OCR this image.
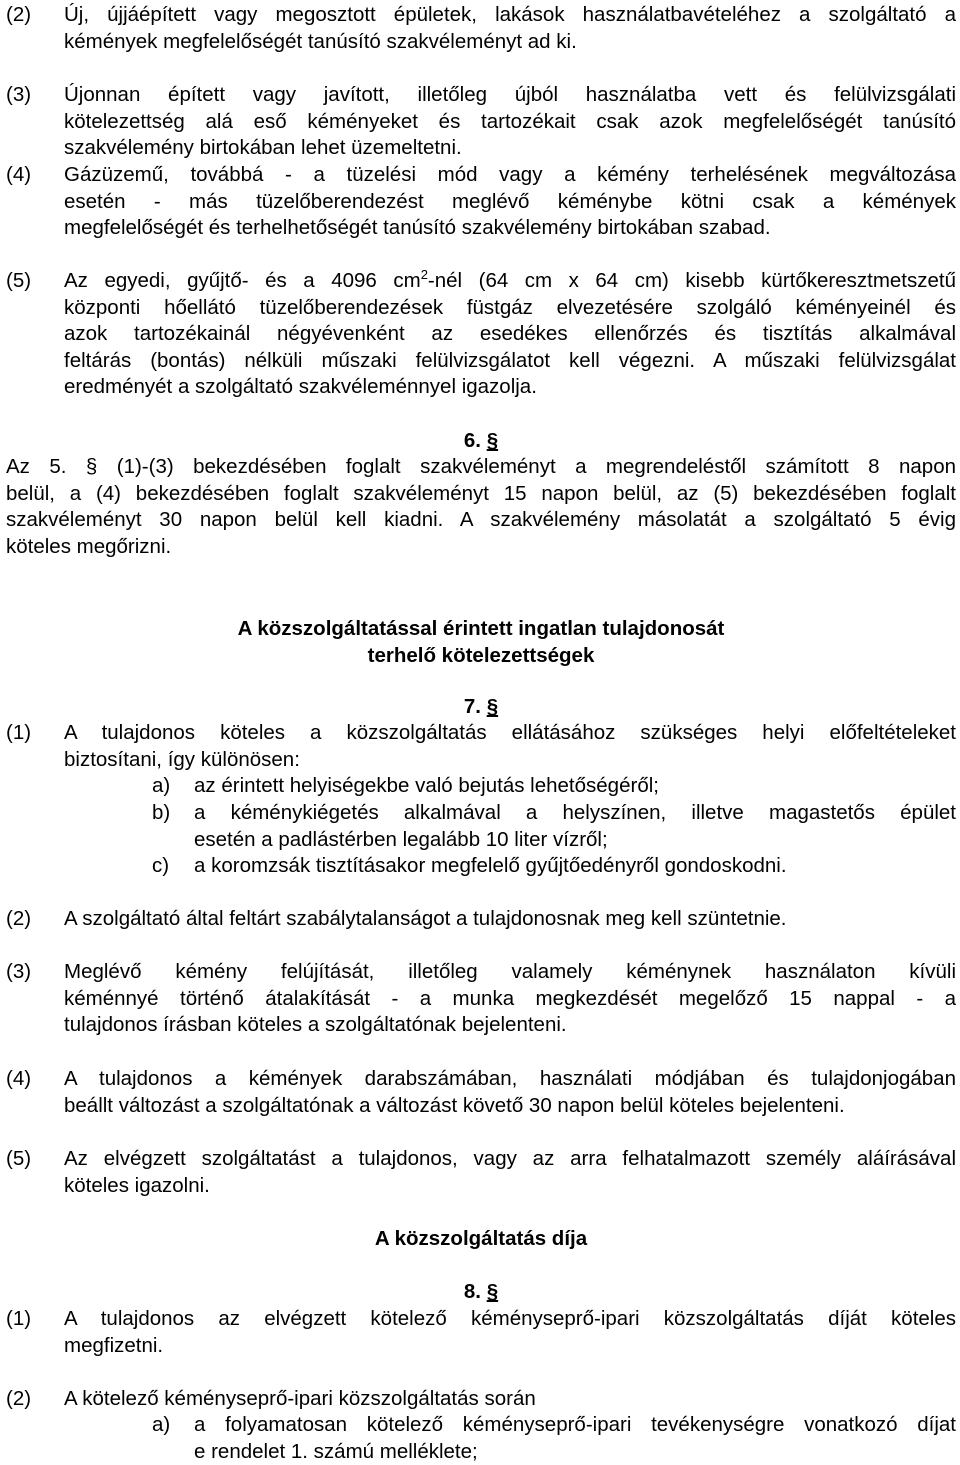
(2) Új, újjáépített vagy megosztott épületek, lakások használatbavételéhez a szolgáltató a
kémények megfelelőségét tanúsító szakvéleményt ad ki.
(3) Újonnan épített vagy javított, illetőleg újból használatba vett és felülvizsgálati
kötelezettség alá eső kéményeket és tartozékait csak azok megfelelőségét tanúsító
szakvélemény birtokában lehet üzemeltetni.
(4) Gázüzemű, továbbá - a tüzelési mód vagy a kémény terhelésének megváltozása
esetén - más tüzelőberendezést meglévő kéménybe kötni csak a kémények
megfelelőségét és terhelhetőségét tanúsító szakvélemény birtokában szabad.
(5) Az egyedi, gyűjtő- és a 4096 $cm^2$-nél (64 cm x 64 cm) kisebb kürtőkeresztmetszetű
központi hőellátó tüzelőberendezések füstgáz elvezetésére szolgáló kéményeinél és
azok tartozékainál négyévenként az esedékes ellenőrzés és tisztítás alkalmával
feltárás (bontás) nélküli műszaki felülvizsgálatot kell végezni. A műszaki felülvizsgálat
eredményét a szolgáltató szakvéleménnyel igazolja.
6. §
Az 5. § (1)-(3) bekezdésében foglalt szakvéleményt a megrendeléstől számított 8 napon
belül, a (4) bekezdésében foglalt szakvéleményt 15 napon belül, az (5) bekezdésében foglalt
szakvéleményt 30 napon belül kell kiadni. A szakvélemény másolatát a szolgáltató 5 évig
köteles megőrizni.
A közszolgáltatással érintett ingatlan tulajdonosát
terhelő kötelezettségek
7. §
(1) A tulajdonos köteles a közszolgáltatás ellátásához szükséges helyi előfeltételeket
biztosítani, így különösen:
a) az érintett helyiségekbe való bejutás lehetőségéről;
b) a kéménykiégetés alkalmával a helyszínen, illetve magastetős épület
esetén a padlástérben legalább 10 liter vízről;
c) a koromzsák tisztításakor megfelelő gyűjtőedényről gondoskodni.
(2) A szolgáltató által feltárt szabálytalanságot a tulajdonosnak meg kell szüntetnie.
(3) Meglévő kémény felújítását, illetőleg valamely kéménynek használaton kívüli
kéménnyé történő átalakítását - a munka megkezdését megelőző 15 nappal - a
tulajdonos írásban köteles a szolgáltatónak bejelenteni.
(4) A tulajdonos a kémények darabszámában, használati módjában és tulajdonjogában
beállt változást a szolgáltatónak a változást követő 30 napon belül köteles bejelenteni.
(5) Az elvégzett szolgáltatást a tulajdonos, vagy az arra felhatalmazott személy aláírásával
köteles igazolni.
A közszolgáltatás díja
8. §
(1) A tulajdonos az elvégzett kötelező kéményseprő-ipari közszolgáltatás díját köteles
megfizetni.
(2) A kötelező kéményseprő-ipari közszolgáltatás során
a) a folyamatosan kötelező kéményseprő-ipari tevékenységre vonatkozó díjat
e rendelet 1. számú melléklete;
